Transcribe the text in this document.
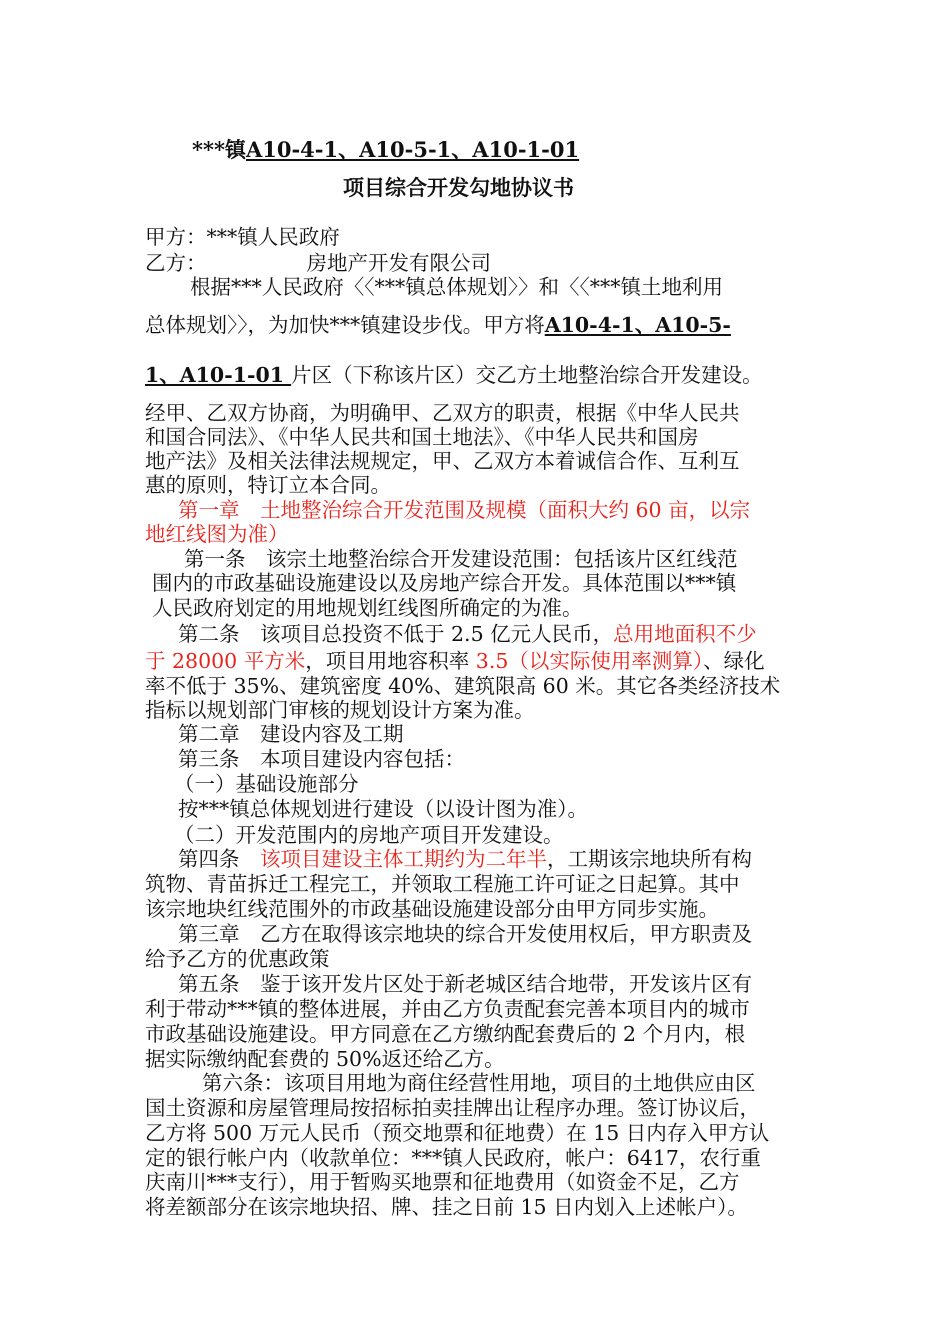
***镇A10-4-1、A10-5-1、A10-1-01
项目综合开发勾地协议书
甲方：***镇人民政府
乙方：	房地产开发有限公司
根据***人民政府〈〈***镇总体规划〉〉和〈〈***镇土地利用
总体规划〉〉，为加快***镇建设步伐。甲方将A10-4-1、A10-5-
1、A10-1-01 片区（下称该片区）交乙方土地整治综合开发建设。
经甲、乙双方协商，为明确甲、乙双方的职责，根据《中华人民共
和国合同法》、《中华人民共和国土地法》、《中华人民共和国房
地产法》及相关法律法规规定，甲、乙双方本着诚信合作、互利互
惠的原则，特订立本合同。
第一章　土地整治综合开发范围及规模（面积大约 60 亩，以宗
地红线图为准）
第一条　该宗土地整治综合开发建设范围：包括该片区红线范
围内的市政基础设施建设以及房地产综合开发。具体范围以***镇
人民政府划定的用地规划红线图所确定的为准。
第二条　该项目总投资不低于 2.5 亿元人民币，总用地面积不少
于 28000 平方米，项目用地容积率 3.5（以实际使用率测算）、绿化
率不低于 35%、建筑密度 40%、建筑限高 60 米。其它各类经济技术
指标以规划部门审核的规划设计方案为准。
第二章　建设内容及工期
第三条　本项目建设内容包括：
（一）基础设施部分
按***镇总体规划进行建设（以设计图为准）。
（二）开发范围内的房地产项目开发建设。
第四条　该项目建设主体工期约为二年半，工期该宗地块所有构
筑物、青苗拆迁工程完工，并领取工程施工许可证之日起算。其中
该宗地块红线范围外的市政基础设施建设部分由甲方同步实施。
第三章　乙方在取得该宗地块的综合开发使用权后，甲方职责及
给予乙方的优惠政策
第五条　鉴于该开发片区处于新老城区结合地带，开发该片区有
利于带动***镇的整体进展，并由乙方负责配套完善本项目内的城市
市政基础设施建设。甲方同意在乙方缴纳配套费后的 2 个月内，根
据实际缴纳配套费的 50%返还给乙方。
第六条：该项目用地为商住经营性用地，项目的土地供应由区
国土资源和房屋管理局按招标拍卖挂牌出让程序办理。签订协议后，
乙方将 500 万元人民币（预交地票和征地费）在 15 日内存入甲方认
定的银行帐户内（收款单位：***镇人民政府，帐户：6417，农行重
庆南川***支行），用于暂购买地票和征地费用（如资金不足，乙方
将差额部分在该宗地块招、牌、挂之日前 15 日内划入上述帐户）。
